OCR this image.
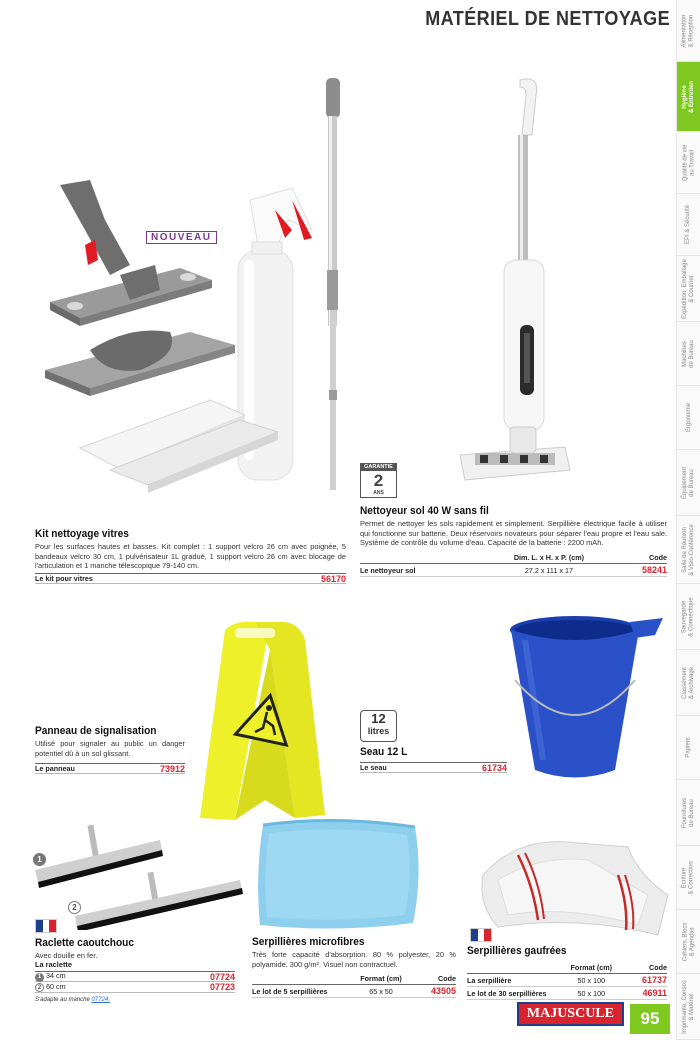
MATÉRIEL DE NETTOYAGE Alimentation
& Réception
Hygiène
& Entretien
Qualité de vie
au Travail
EPI & Sécurité
Expédition, Emballage
& Courrier
Machines
de Bureau
Ergonomie
Équipement
de Bureau
Salle de Réunion
& Visio-Conférence
Sauvegarde
& Connectique
Classement
& Archivage
Papiers
Fournitures
de Bureau
Écriture
& Correction
Cahiers, Blocs
& Agendas
Imprimante, Consos
& Matériel
NOUVEAU
Kit nettoyage vitres
Pour les surfaces hautes et basses. Kit complet : 1 support velcro 26 cm avec poignée, 5 bandeaux velcro 30 cm, 1 pulvérisateur 1L gradué, 1 support velcro 26 cm avec blocage de l'articulation et 1 manche télescopique 79-140 cm.
Le kit pour vitres	56170
GARANTIE
2
ANS
Nettoyeur sol 40 W sans fil
Permet de nettoyer les sols rapidement et simplement. Serpillière électrique facile à utiliser qui fonctionne sur batterie. Deux réservoirs novateurs pour séparer l'eau propre et l'eau sale. Système de contrôle du volume d'eau. Capacité de la batterie : 2200 mAh.
	Dim. L. x H. x P. (cm)	Code
Le nettoyeur sol	27,2 x 111 x 17	58241
Panneau de signalisation
Utilisé pour signaler au public un danger potentiel dû à un sol glissant.
Le panneau	73912
12
litres
Seau 12 L
Le seau	61734
1
2
Raclette caoutchouc
Avec douille en fer.
La raclette
1 34 cm	07724
2 60 cm	07723
S'adapte au manche 07724.
Serpillières microfibres
Très forte capacité d'absorption. 80 % polyester, 20 % polyamide. 300 g/m². Visuel non contractuel.
	Format (cm)	Code
Le lot de 5 serpillières	65 x 50	43505
Serpillières gaufrées
	Format (cm)	Code
La serpillière	50 x 100	61737
Le lot de 30 serpillières	50 x 100	46911
MAJUSCULE	95
